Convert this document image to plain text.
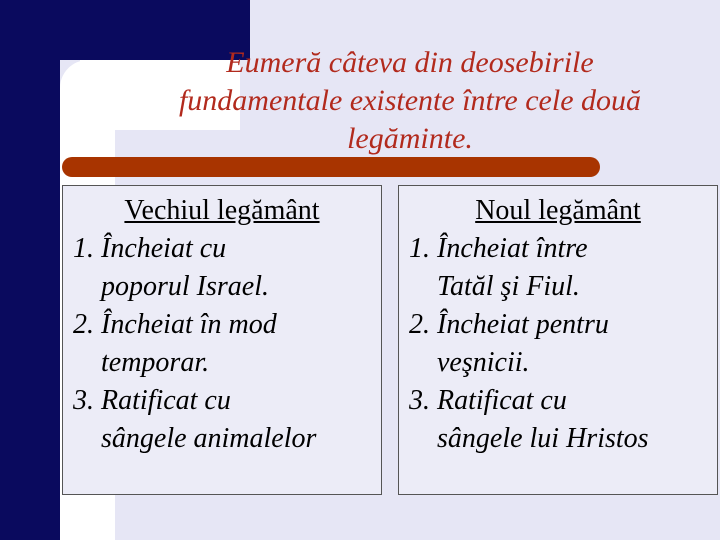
Eumeră câteva din deosebirile
fundamentale existente între cele două
legăminte.
Vechiul legământ
1. Încheiat cu
poporul Israel.
2. Încheiat în mod
temporar.
3. Ratificat cu
sângele animalelor
Noul legământ
1. Încheiat între
Tatăl şi Fiul.
2. Încheiat pentru
veşnicii.
3. Ratificat cu
sângele lui Hristos
